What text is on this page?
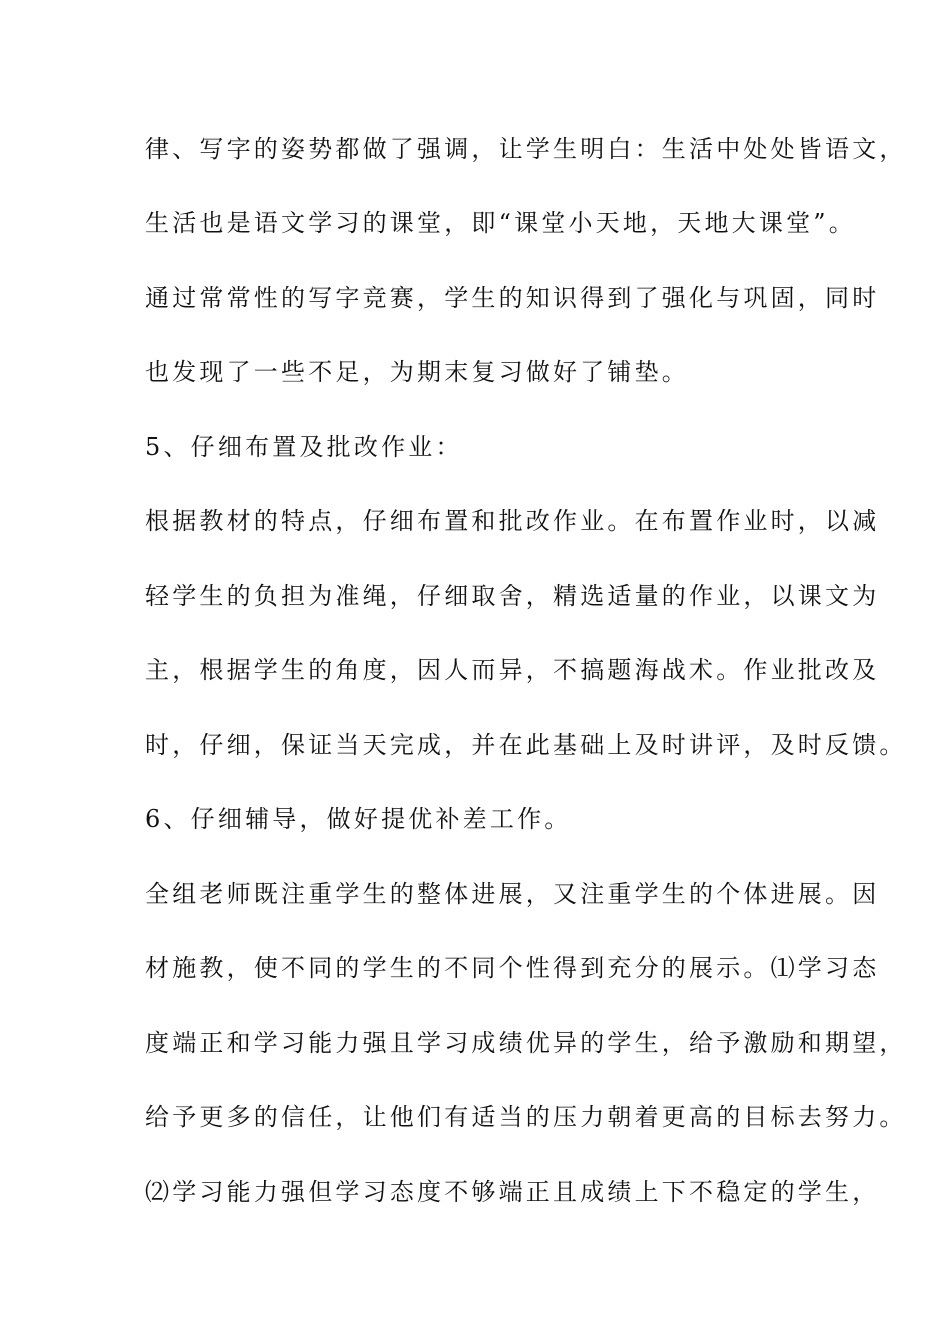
律、写字的姿势都做了强调，让学生明白：生活中处处皆语文，
生活也是语文学习的课堂，即“课堂小天地，天地大课堂”。
通过常常性的写字竞赛，学生的知识得到了强化与巩固，同时
也发现了一些不足，为期末复习做好了铺垫。
5、仔细布置及批改作业：
根据教材的特点，仔细布置和批改作业。在布置作业时，以减
轻学生的负担为准绳，仔细取舍，精选适量的作业，以课文为
主，根据学生的角度，因人而异，不搞题海战术。作业批改及
时，仔细，保证当天完成，并在此基础上及时讲评，及时反馈。
6、仔细辅导，做好提优补差工作。
全组老师既注重学生的整体进展，又注重学生的个体进展。因
材施教，使不同的学生的不同个性得到充分的展示。⑴学习态
度端正和学习能力强且学习成绩优异的学生，给予激励和期望，
给予更多的信任，让他们有适当的压力朝着更高的目标去努力。
⑵学习能力强但学习态度不够端正且成绩上下不稳定的学生，
